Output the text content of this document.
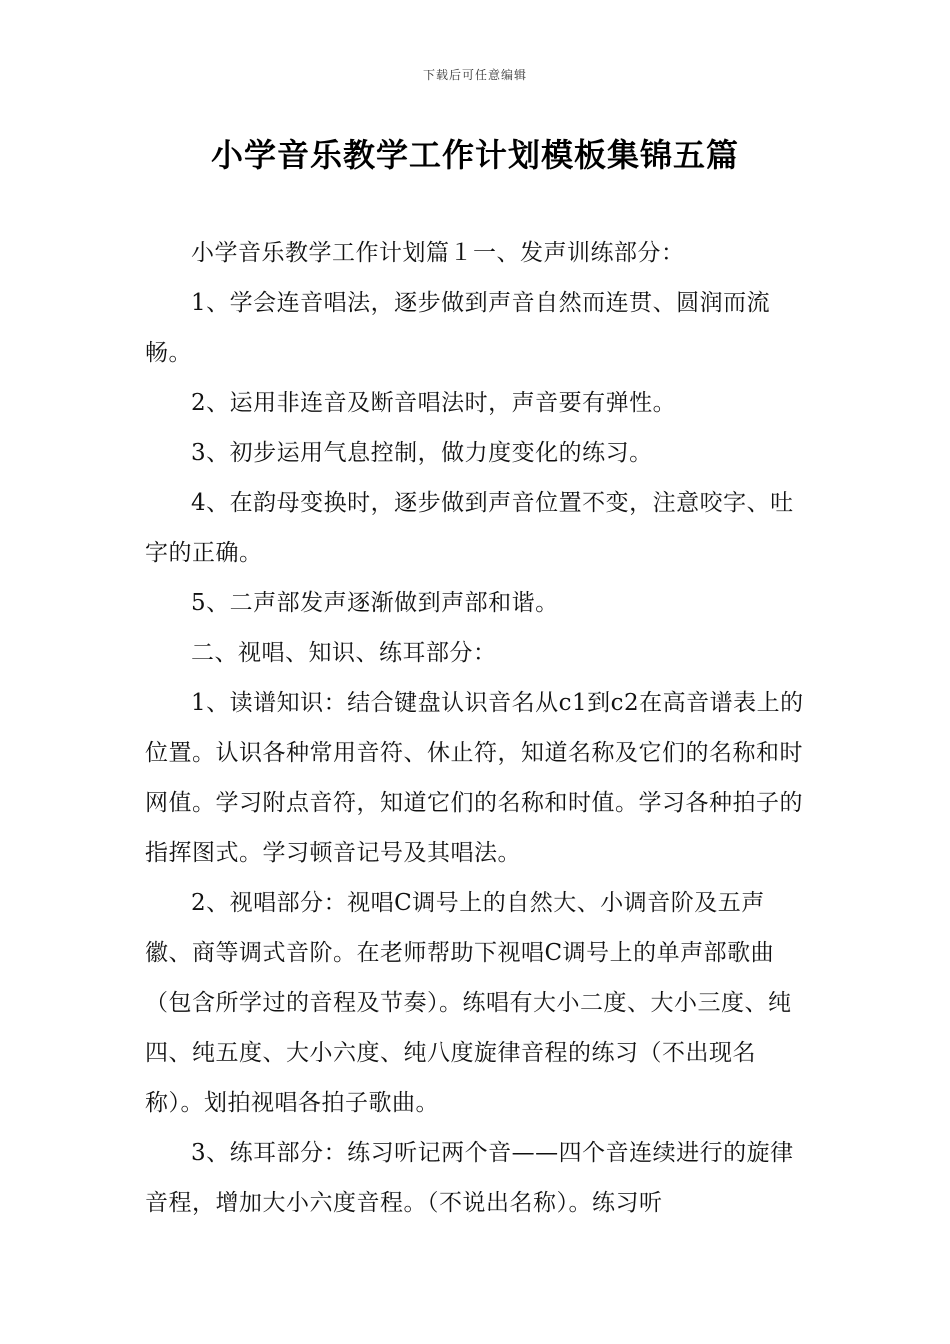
下载后可任意编辑
小学音乐教学工作计划模板集锦五篇

小学音乐教学工作计划篇１一、发声训练部分：

1、学会连音唱法，逐步做到声音自然而连贯、圆润而流畅。

2、运用非连音及断音唱法时，声音要有弹性。

3、初步运用气息控制，做力度变化的练习。

4、在韵母变换时，逐步做到声音位置不变，注意咬字、吐字的正确。

5、二声部发声逐渐做到声部和谐。

二、视唱、知识、练耳部分：

1、读谱知识：结合键盘认识音名从c1到c2在高音谱表上的位置。认识各种常用音符、休止符，知道名称及它们的名称和时网值。学习附点音符，知道它们的名称和时值。学习各种拍子的指挥图式。学习顿音记号及其唱法。

2、视唱部分：视唱C调号上的自然大、小调音阶及五声徽、商等调式音阶。在老师帮助下视唱C调号上的单声部歌曲（包含所学过的音程及节奏）。练唱有大小二度、大小三度、纯四、纯五度、大小六度、纯八度旋律音程的练习（不出现名称）。划拍视唱各拍子歌曲。

3、练耳部分：练习听记两个音——四个音连续进行的旋律音程，增加大小六度音程。（不说出名称）。练习听
